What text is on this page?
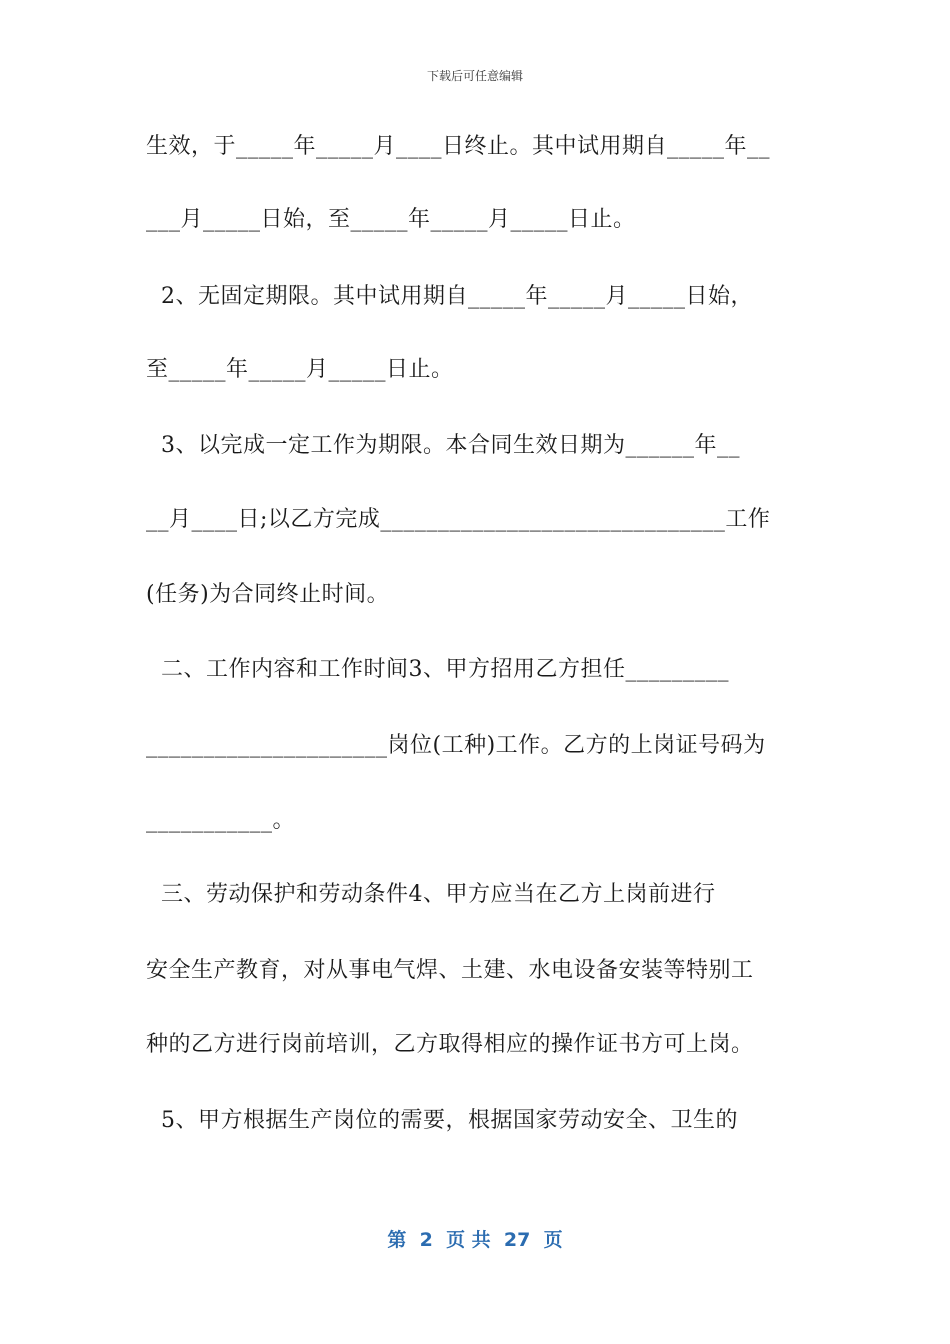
下载后可任意编辑
生效，于_____年_____月____日终止。其中试用期自_____年__
___月_____日始，至_____年_____月_____日止。
2、无固定期限。其中试用期自_____年_____月_____日始，
至_____年_____月_____日止。
3、以完成一定工作为期限。本合同生效日期为______年__
__月____日;以乙方完成______________________________工作
(任务)为合同终止时间。
二、工作内容和工作时间3、甲方招用乙方担任_________
_____________________岗位(工种)工作。乙方的上岗证号码为
___________。
三、劳动保护和劳动条件4、甲方应当在乙方上岗前进行
安全生产教育，对从事电气焊、土建、水电设备安装等特别工
种的乙方进行岗前培训，乙方取得相应的操作证书方可上岗。
5、甲方根据生产岗位的需要，根据国家劳动安全、卫生的
第  2  页 共  27  页
